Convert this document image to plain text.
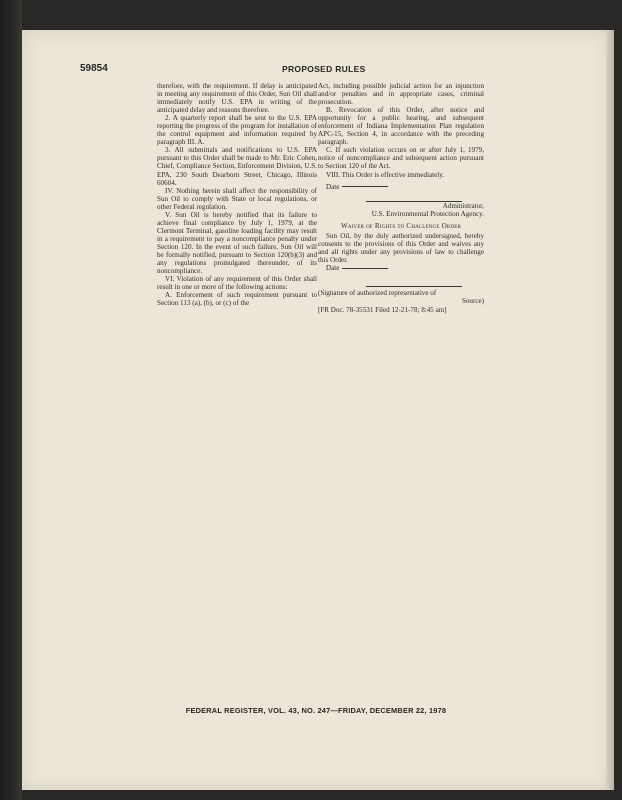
59854	PROPOSED RULES

therefore, with the requirement. If delay is anticipated in meeting any requirement of this Order, Sun Oil shall immediately notify U.S. EPA in writing of the anticipated delay and reasons therefore.

2. A quarterly report shall be sent to the U.S. EPA reporting the progress of the program for installation of the control equipment and information required by paragraph III. A.

3. All submittals and notifications to U.S. EPA pursuant to this Order shall be made to Mr. Eric Cohen, Chief, Compliance Section, Enforcement Division, U.S. EPA, 230 South Dearborn Street, Chicago, Illinois 60604.

IV. Nothing herein shall affect the responsibility of Sun Oil to comply with State or local regulations, or other Federal regulation.

V. Sun Oil is hereby notified that its failure to achieve final compliance by July 1, 1979, at the Clermont Terminal, gasoline loading facility may result in a requirement to pay a noncompliance penalty under Section 120. In the event of such failure, Sun Oil will be formally notified, pursuant to Section 120(b)(3) and any regulations promulgated thereunder, of its noncompliance.

VI. Violation of any requirement of this Order shall result in one or more of the following actions:

A. Enforcement of such requirement pursuant to Section 113 (a), (b), or (c) of the

Act, including possible judicial action for an injunction and/or penalties and in appropriate cases, criminal prosecution.

B. Revocation of this Order, after notice and opportunity for a public hearing, and subsequent enforcement of Indiana Implementation Plan regulation APC-15, Section 4, in accordance with the preceding paragraph.

C. If such violation occurs on or after July 1, 1979, notice of noncompliance and subsequent action pursuant to Section 120 of the Act.

VIII. This Order is effective immediately.

Date

Administrator,

U.S. Environmental Protection Agency.

Waiver of Rights to Challenge Order

Sun Oil, by the duly authorized undersigned, hereby consents to the provisions of this Order and waives any and all rights under any provisions of law to challenge this Order.

Date

(Signature of authorized representative of

Source)

[FR Doc. 78-35531 Filed 12-21-78; 8:45 am]

FEDERAL REGISTER, VOL. 43, NO. 247—FRIDAY, DECEMBER 22, 1978
